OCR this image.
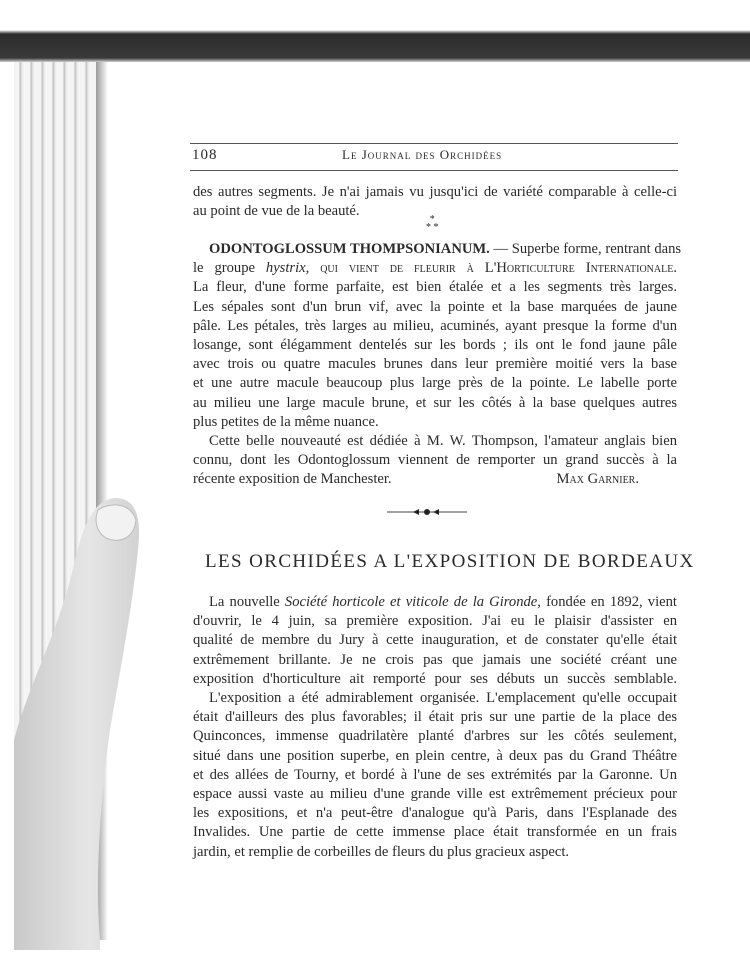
108	Le Journal des Orchidées
des autres segments. Je n'ai jamais vu jusqu'ici de variété comparable à celle-ci
au point de vue de la beauté.
*
* *
ODONTOGLOSSUM THOMPSONIANUM. — Superbe forme, rentrant dans
le groupe hystrix, qui vient de fleurir à L'Horticulture Internationale.
La fleur, d'une forme parfaite, est bien étalée et a les segments très larges.
Les sépales sont d'un brun vif, avec la pointe et la base marquées de jaune
pâle. Les pétales, très larges au milieu, acuminés, ayant presque la forme d'un
losange, sont élégamment dentelés sur les bords ; ils ont le fond jaune pâle
avec trois ou quatre macules brunes dans leur première moitié vers la base
et une autre macule beaucoup plus large près de la pointe. Le labelle porte
au milieu une large macule brune, et sur les côtés à la base quelques autres
plus petites de la même nuance.
Cette belle nouveauté est dédiée à M. W. Thompson, l'amateur anglais bien
connu, dont les Odontoglossum viennent de remporter un grand succès à la
récente exposition de Manchester.	Max Garnier.
LES ORCHIDÉES A L'EXPOSITION DE BORDEAUX
La nouvelle Société horticole et viticole de la Gironde, fondée en 1892, vient
d'ouvrir, le 4 juin, sa première exposition. J'ai eu le plaisir d'assister en
qualité de membre du Jury à cette inauguration, et de constater qu'elle était
extrêmement brillante. Je ne crois pas que jamais une société créant une
exposition d'horticulture ait remporté pour ses débuts un succès semblable.
L'exposition a été admirablement organisée. L'emplacement qu'elle occupait
était d'ailleurs des plus favorables; il était pris sur une partie de la place des
Quinconces, immense quadrilatère planté d'arbres sur les côtés seulement,
situé dans une position superbe, en plein centre, à deux pas du Grand Théâtre
et des allées de Tourny, et bordé à l'une de ses extrémités par la Garonne. Un
espace aussi vaste au milieu d'une grande ville est extrêmement précieux pour
les expositions, et n'a peut-être d'analogue qu'à Paris, dans l'Esplanade des
Invalides. Une partie de cette immense place était transformée en un frais
jardin, et remplie de corbeilles de fleurs du plus gracieux aspect.
